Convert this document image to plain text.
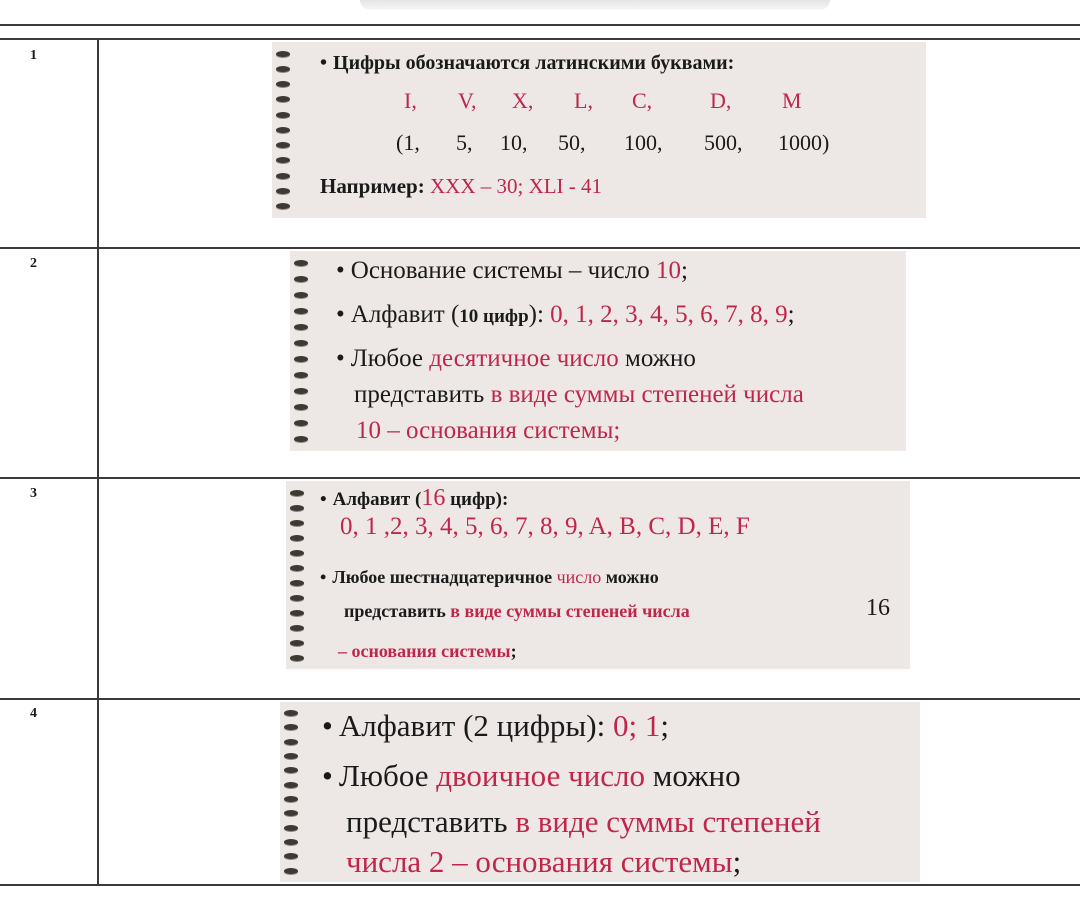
1
2
3
4
• Цифры обозначаются латинскими буквами:
I, V, X, L, C,	D, M
(1, 5, 10, 50, 100, 500, 1000)
Например: XXX – 30; XLI - 41
• Основание системы – число 10;
• Алфавит (10 цифр): 0, 1, 2, 3, 4, 5, 6, 7, 8, 9;
• Любое десятичное число можно
представить в виде суммы степеней числа
10 – основания системы;
• Алфавит (16 цифр):
0, 1 ,2, 3, 4, 5, 6, 7, 8, 9, A, B, C, D, E, F
• Любое шестнадцатеричное число можно
представить в виде суммы степеней числа	16
– основания системы;
• Алфавит (2 цифры): 0; 1;
• Любое двоичное число можно
представить в виде суммы степеней
числа 2 – основания системы;
